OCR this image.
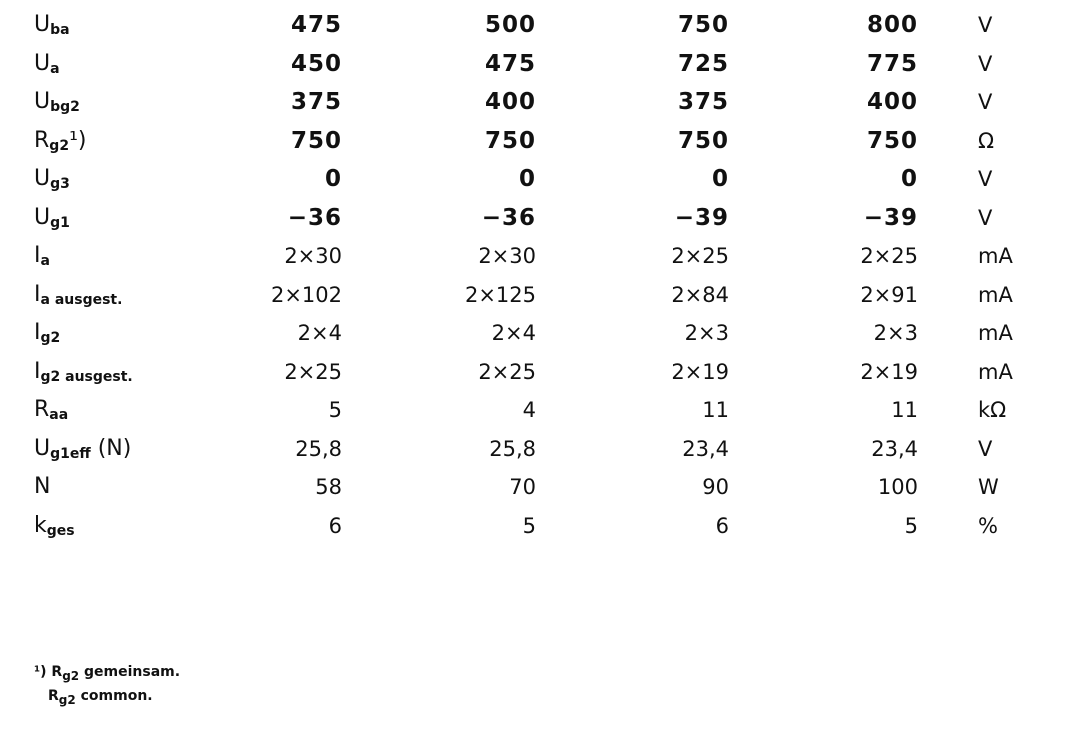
$U_{ba}$	475	500	750	800	V
$U_a$	450	475	725	775	V
$U_{bg2}$	375	400	375	400	V
$R_{g2}^1$)	750	750	750	750	Ω
$U_{g3}$	0	0	0	0	V
$U_{g1}$	−36	−36	−39	−39	V
$I_a$	2×30	2×30	2×25	2×25	mA
$I_{a ausgest.}$	2×102	2×125	2×84	2×91	mA
$I_{g2}$	2×4	2×4	2×3	2×3	mA
$I_{g2 ausgest.}$	2×25	2×25	2×19	2×19	mA
$R_{aa}$	5	4	11	11	kΩ
$U_{g1eff}$ (N)	25,8	25,8	23,4	23,4	V
N	58	70	90	100	W
$k_{ges}$	6	5	6	5	%
¹) $R_{g2}$ gemeinsam.
$R_{g2}$ common.
